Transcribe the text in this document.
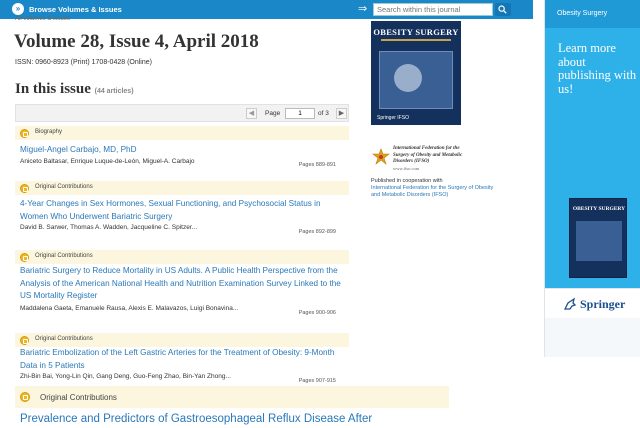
»	Browse Volumes & Issues	⇒
Search within this journal
All volumes & issues
Volume 28, Issue 4, April 2018
ISSN: 0960-8923 (Print) 1708-0428 (Online)
In this issue (44 articles)
◀	Page
1	of 3	▶
Biography
Miguel-Angel Carbajo, MD, PhD
Aniceto Baltasar, Enrique Luque-de-León, Miguel-A. Carbajo	Pages 889-891
Original Contributions
4-Year Changes in Sex Hormones, Sexual Functioning, and Psychosocial Status in Women Who Underwent Bariatric Surgery
David B. Sarwer, Thomas A. Wadden, Jacqueline C. Spitzer...
Pages 892-899
Original Contributions
Bariatric Surgery to Reduce Mortality in US Adults. A Public Health Perspective from the Analysis of the American National Health and Nutrition Examination Survey Linked to the US Mortality Register
Maddalena Gaeta, Emanuele Rausa, Alexis E. Malavazos, Luigi Bonavina...
Pages 900-906
Original Contributions
Bariatric Embolization of the Left Gastric Arteries for the Treatment of Obesity: 9-Month Data in 5 Patients
Zhi-Bin Bai, Yong-Lin Qin, Gang Deng, Guo-Feng Zhao, Bin-Yan Zhong...
Pages 907-915
Original Contributions
Prevalence and Predictors of Gastroesophageal Reflux Disease After
OBESITY SURGERY
Springer IFSO
International Federation for the Surgery of Obesity and Metabolic Disorders (IFSO)
www.ifso.com
Published in cooperation with
International Federation for the Surgery of Obesity and Metabolic Disorders (IFSO)
Obesity Surgery
Learn more about publishing with us!
OBESITY SURGERY
Springer
